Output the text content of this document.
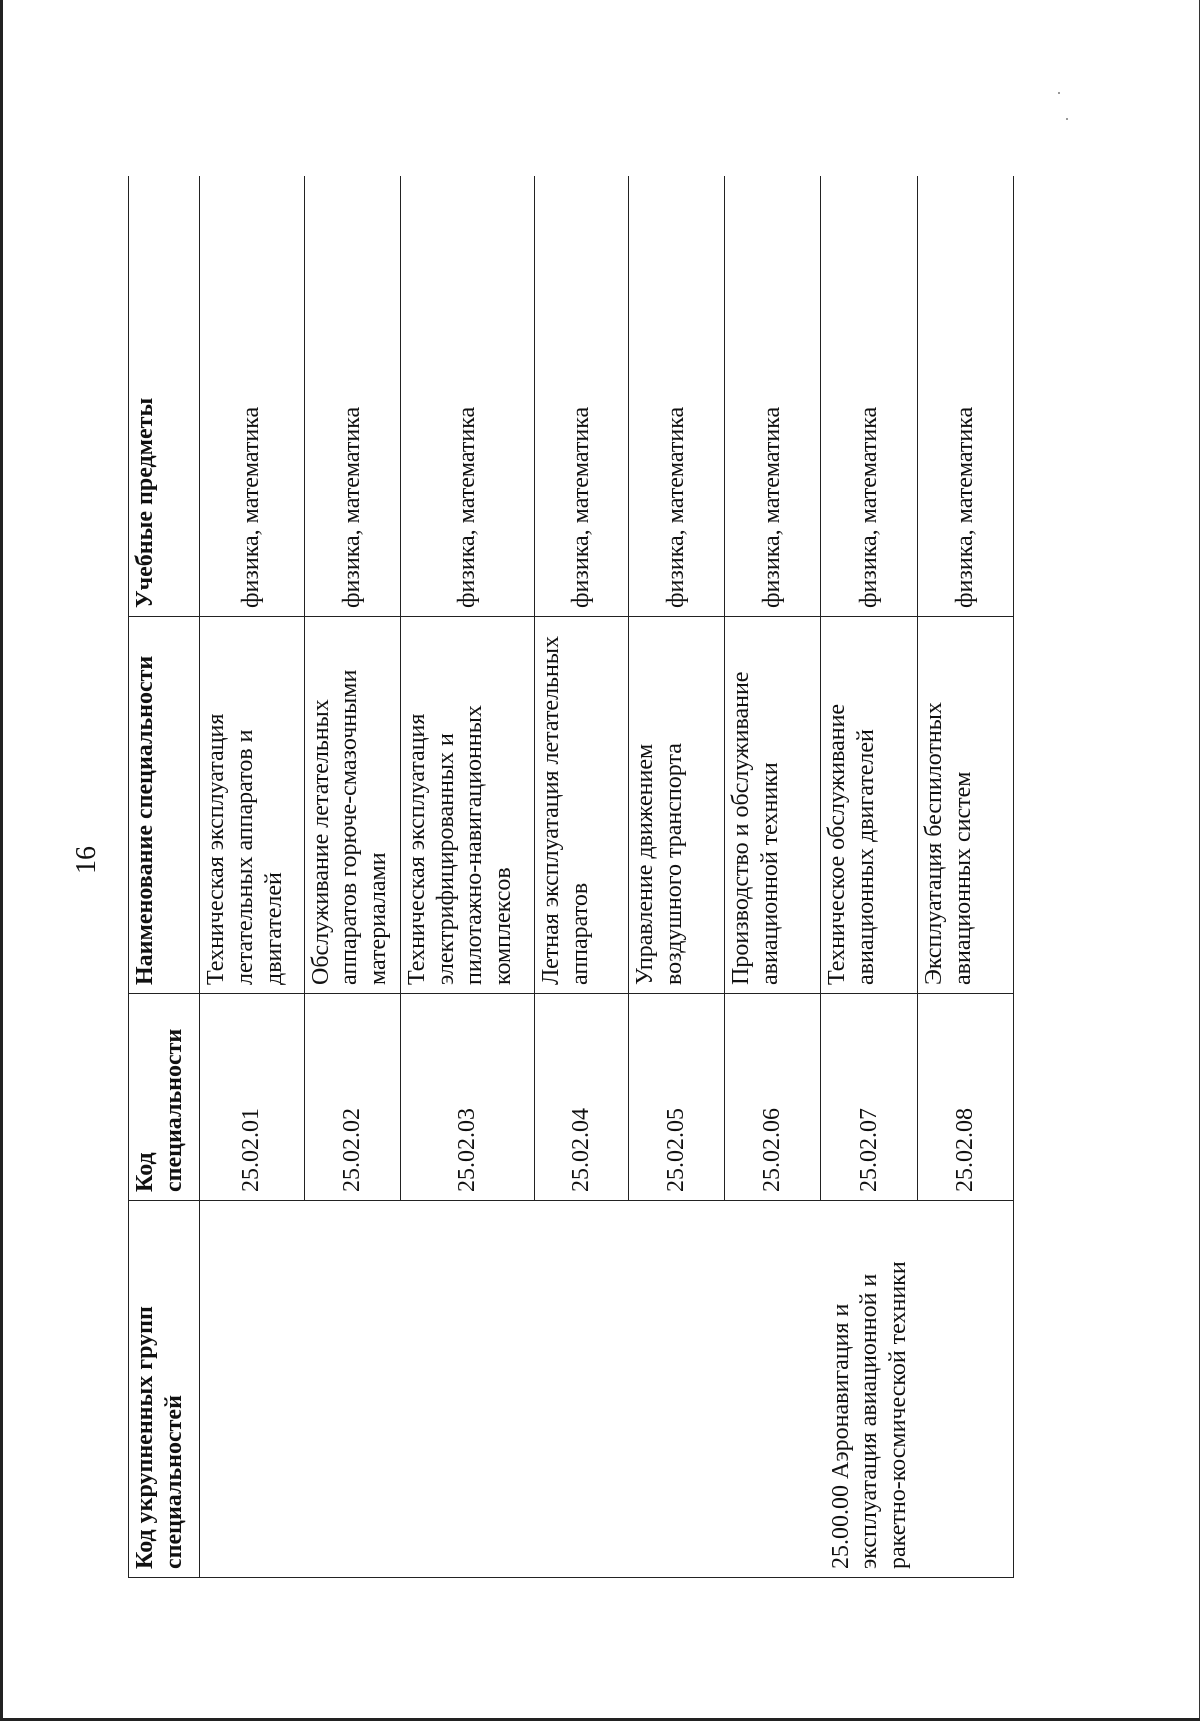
16
Код укрупненных групп специальностей	Код специальности	Наименование специальности	Учебные предметы
25.00.00 Аэронавигация и эксплуатация авиационной и ракетно-космической техники	25.02.01	Техническая эксплуатация летательных аппаратов и двигателей	физика, математика
	25.02.02	Обслуживание летательных аппаратов горюче-смазочными материалами	физика, математика
	25.02.03	Техническая эксплуатация электрифицированных и пилотажно-навигационных комплексов	физика, математика
	25.02.04	Летная эксплуатация летательных аппаратов	физика, математика
	25.02.05	Управление движением воздушного транспорта	физика, математика
	25.02.06	Производство и обслуживание авиационной техники	физика, математика
	25.02.07	Техническое обслуживание авиационных двигателей	физика, математика
	25.02.08	Эксплуатация беспилотных авиационных систем	физика, математика
